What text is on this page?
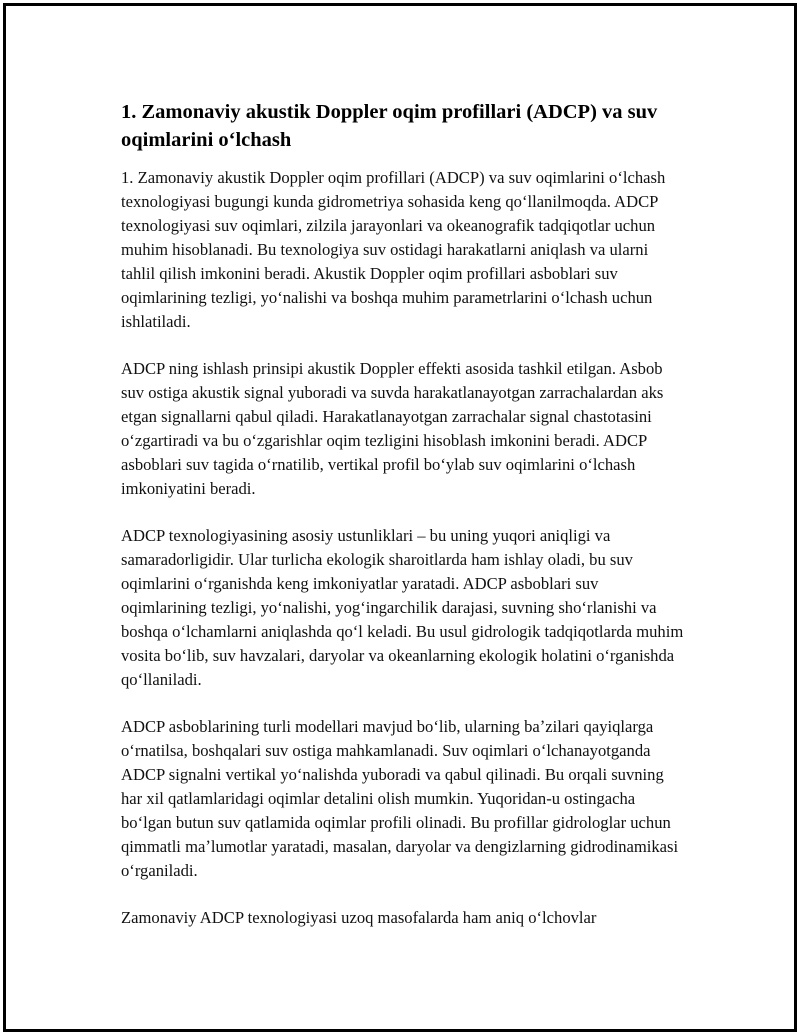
1. Zamonaviy akustik Doppler oqim profillari (ADCP) va suv oqimlarini oʻlchash

1. Zamonaviy akustik Doppler oqim profillari (ADCP) va suv oqimlarini oʻlchash texnologiyasi bugungi kunda gidrometriya sohasida keng qoʻllanilmoqda. ADCP texnologiyasi suv oqimlari, zilzila jarayonlari va okeanografik tadqiqotlar uchun muhim hisoblanadi. Bu texnologiya suv ostidagi harakatlarni aniqlash va ularni tahlil qilish imkonini beradi. Akustik Doppler oqim profillari asboblari suv oqimlarining tezligi, yoʻnalishi va boshqa muhim parametrlarini oʻlchash uchun ishlatiladi.

ADCP ning ishlash prinsipi akustik Doppler effekti asosida tashkil etilgan. Asbob suv ostiga akustik signal yuboradi va suvda harakatlanayotgan zarrachalardan aks etgan signallarni qabul qiladi. Harakatlanayotgan zarrachalar signal chastotasini oʻzgartiradi va bu oʻzgarishlar oqim tezligini hisoblash imkonini beradi. ADCP asboblari suv tagida oʻrnatilib, vertikal profil boʻylab suv oqimlarini oʻlchash imkoniyatini beradi.

ADCP texnologiyasining asosiy ustunliklari – bu uning yuqori aniqligi va samaradorligidir. Ular turlicha ekologik sharoitlarda ham ishlay oladi, bu suv oqimlarini oʻrganishda keng imkoniyatlar yaratadi. ADCP asboblari suv oqimlarining tezligi, yoʻnalishi, yogʻingarchilik darajasi, suvning shoʻrlanishi va boshqa oʻlchamlarni aniqlashda qoʻl keladi. Bu usul gidrologik tadqiqotlarda muhim vosita boʻlib, suv havzalari, daryolar va okeanlarning ekologik holatini oʻrganishda qoʻllaniladi.

ADCP asboblarining turli modellari mavjud boʻlib, ularning baʼzilari qayiqlarga oʻrnatilsa, boshqalari suv ostiga mahkamlanadi. Suv oqimlari oʻlchanayotganda ADCP signalni vertikal yoʻnalishda yuboradi va qabul qilinadi. Bu orqali suvning har xil qatlamlaridagi oqimlar detalini olish mumkin. Yuqoridan-u ostingacha boʻlgan butun suv qatlamida oqimlar profili olinadi. Bu profillar gidrologlar uchun qimmatli maʼlumotlar yaratadi, masalan, daryolar va dengizlarning gidrodinamikasi oʻrganiladi.

Zamonaviy ADCP texnologiyasi uzoq masofalarda ham aniq oʻlchovlar
